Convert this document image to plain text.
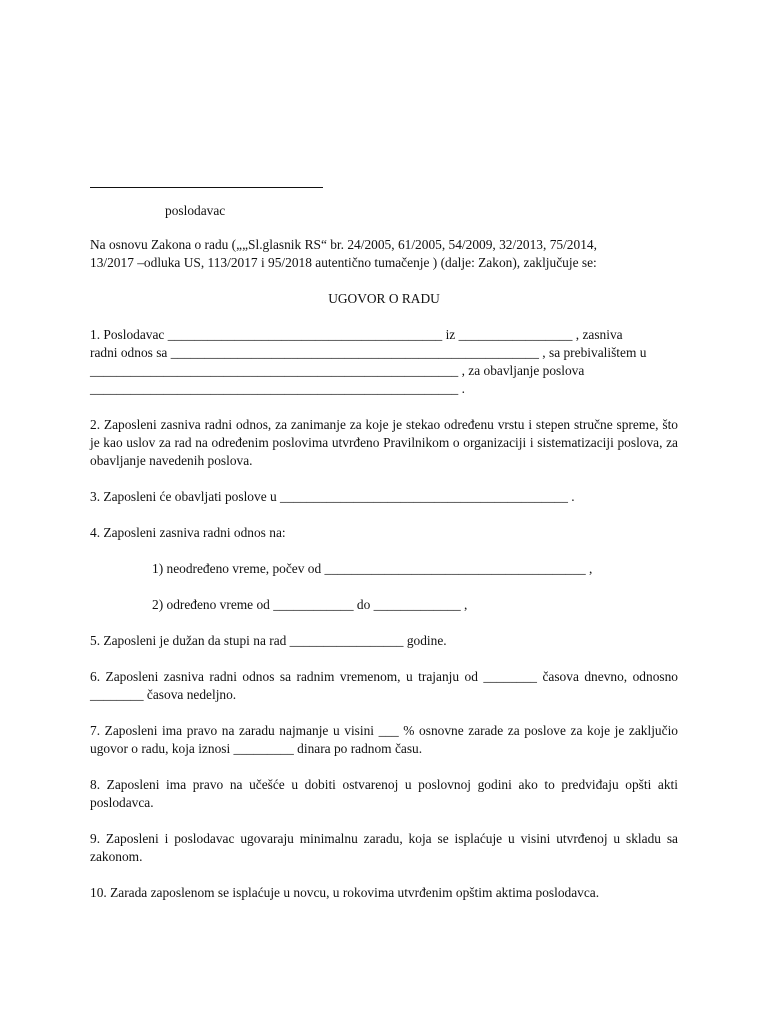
poslodavac
Na osnovu Zakona o radu („„Sl.glasnik RS“ br. 24/2005, 61/2005, 54/2009, 32/2013, 75/2014,
13/2017 –odluka US, 113/2017 i 95/2018 autentično tumačenje ) (dalje: Zakon), zaključuje se:
UGOVOR O RADU
1. Poslodavac _________________________________________ iz _________________ , zasniva
radni odnos sa _______________________________________________________ , sa prebivalištem u
_______________________________________________________ , za obavljanje poslova
_______________________________________________________ .

2. Zaposleni zasniva radni odnos, za zanimanje za koje je stekao određenu vrstu i stepen stručne spreme, što je kao uslov za rad na određenim poslovima utvrđeno Pravilnikom o organizaciji i sistematizaciji poslova, za obavljanje navedenih poslova.

3. Zaposleni će obavljati poslove u ___________________________________________ .
4. Zaposleni zasniva radni odnos na:
1) neodređeno vreme, počev od _______________________________________ ,
2) određeno vreme od ____________ do _____________ ,
5. Zaposleni je dužan da stupi na rad _________________ godine.

6. Zaposleni zasniva radni odnos sa radnim vremenom, u trajanju od ________ časova dnevno, odnosno ________ časova nedeljno.

7. Zaposleni ima pravo na zaradu najmanje u visini ___ % osnovne zarade za poslove za koje je zaključio ugovor o radu, koja iznosi _________ dinara po radnom času.

8. Zaposleni ima pravo na učešće u dobiti ostvarenoj u poslovnoj godini ako to predviđaju opšti akti poslodavca.

9. Zaposleni i poslodavac ugovaraju minimalnu zaradu, koja se isplaćuje u visini utvrđenoj u skladu sa zakonom.

10. Zarada zaposlenom se isplaćuje u novcu, u rokovima utvrđenim opštim aktima poslodavca.
